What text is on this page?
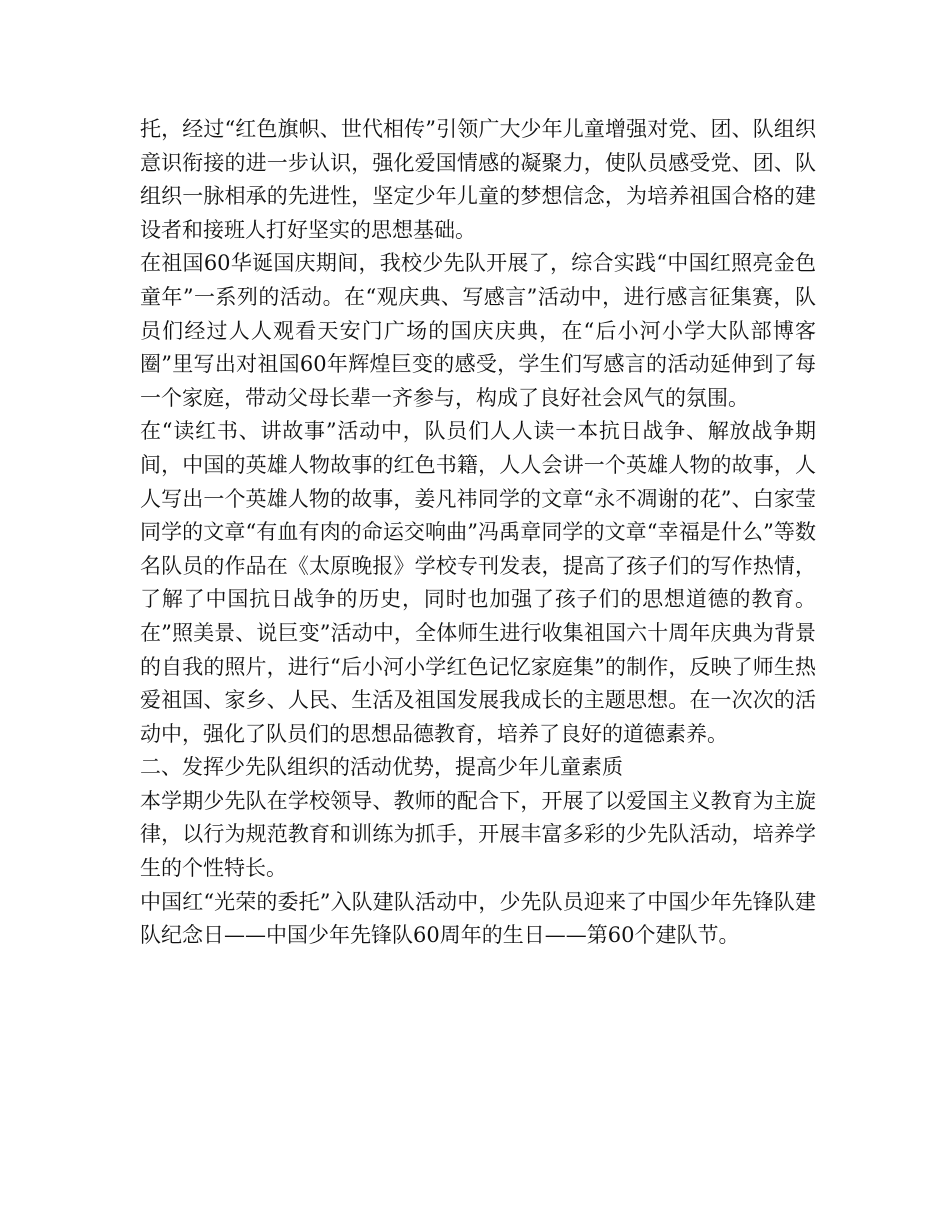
托，经过“红色旗帜、世代相传”引领广大少年儿童增强对党、团、队组织意识衔接的进一步认识，强化爱国情感的凝聚力，使队员感受党、团、队组织一脉相承的先进性，坚定少年儿童的梦想信念，为培养祖国合格的建设者和接班人打好坚实的思想基础。

在祖国60华诞国庆期间，我校少先队开展了，综合实践“中国红照亮金色童年”一系列的活动。在“观庆典、写感言”活动中，进行感言征集赛，队员们经过人人观看天安门广场的国庆庆典，在“后小河小学大队部博客圈”里写出对祖国60年辉煌巨变的感受，学生们写感言的活动延伸到了每一个家庭，带动父母长辈一齐参与，构成了良好社会风气的氛围。

在“读红书、讲故事”活动中，队员们人人读一本抗日战争、解放战争期间，中国的英雄人物故事的红色书籍，人人会讲一个英雄人物的故事，人人写出一个英雄人物的故事，姜凡祎同学的文章“永不凋谢的花”、白家莹同学的文章“有血有肉的命运交响曲”冯禹章同学的文章“幸福是什么”等数名队员的作品在《太原晚报》学校专刊发表，提高了孩子们的写作热情，了解了中国抗日战争的历史，同时也加强了孩子们的思想道德的教育。在”照美景、说巨变”活动中，全体师生进行收集祖国六十周年庆典为背景的自我的照片，进行“后小河小学红色记忆家庭集”的制作，反映了师生热爱祖国、家乡、人民、生活及祖国发展我成长的主题思想。在一次次的活动中，强化了队员们的思想品德教育，培养了良好的道德素养。

二、发挥少先队组织的活动优势，提高少年儿童素质

本学期少先队在学校领导、教师的配合下，开展了以爱国主义教育为主旋律，以行为规范教育和训练为抓手，开展丰富多彩的少先队活动，培养学生的个性特长。

中国红“光荣的委托”入队建队活动中，少先队员迎来了中国少年先锋队建队纪念日——中国少年先锋队60周年的生日——第60个建队节。
